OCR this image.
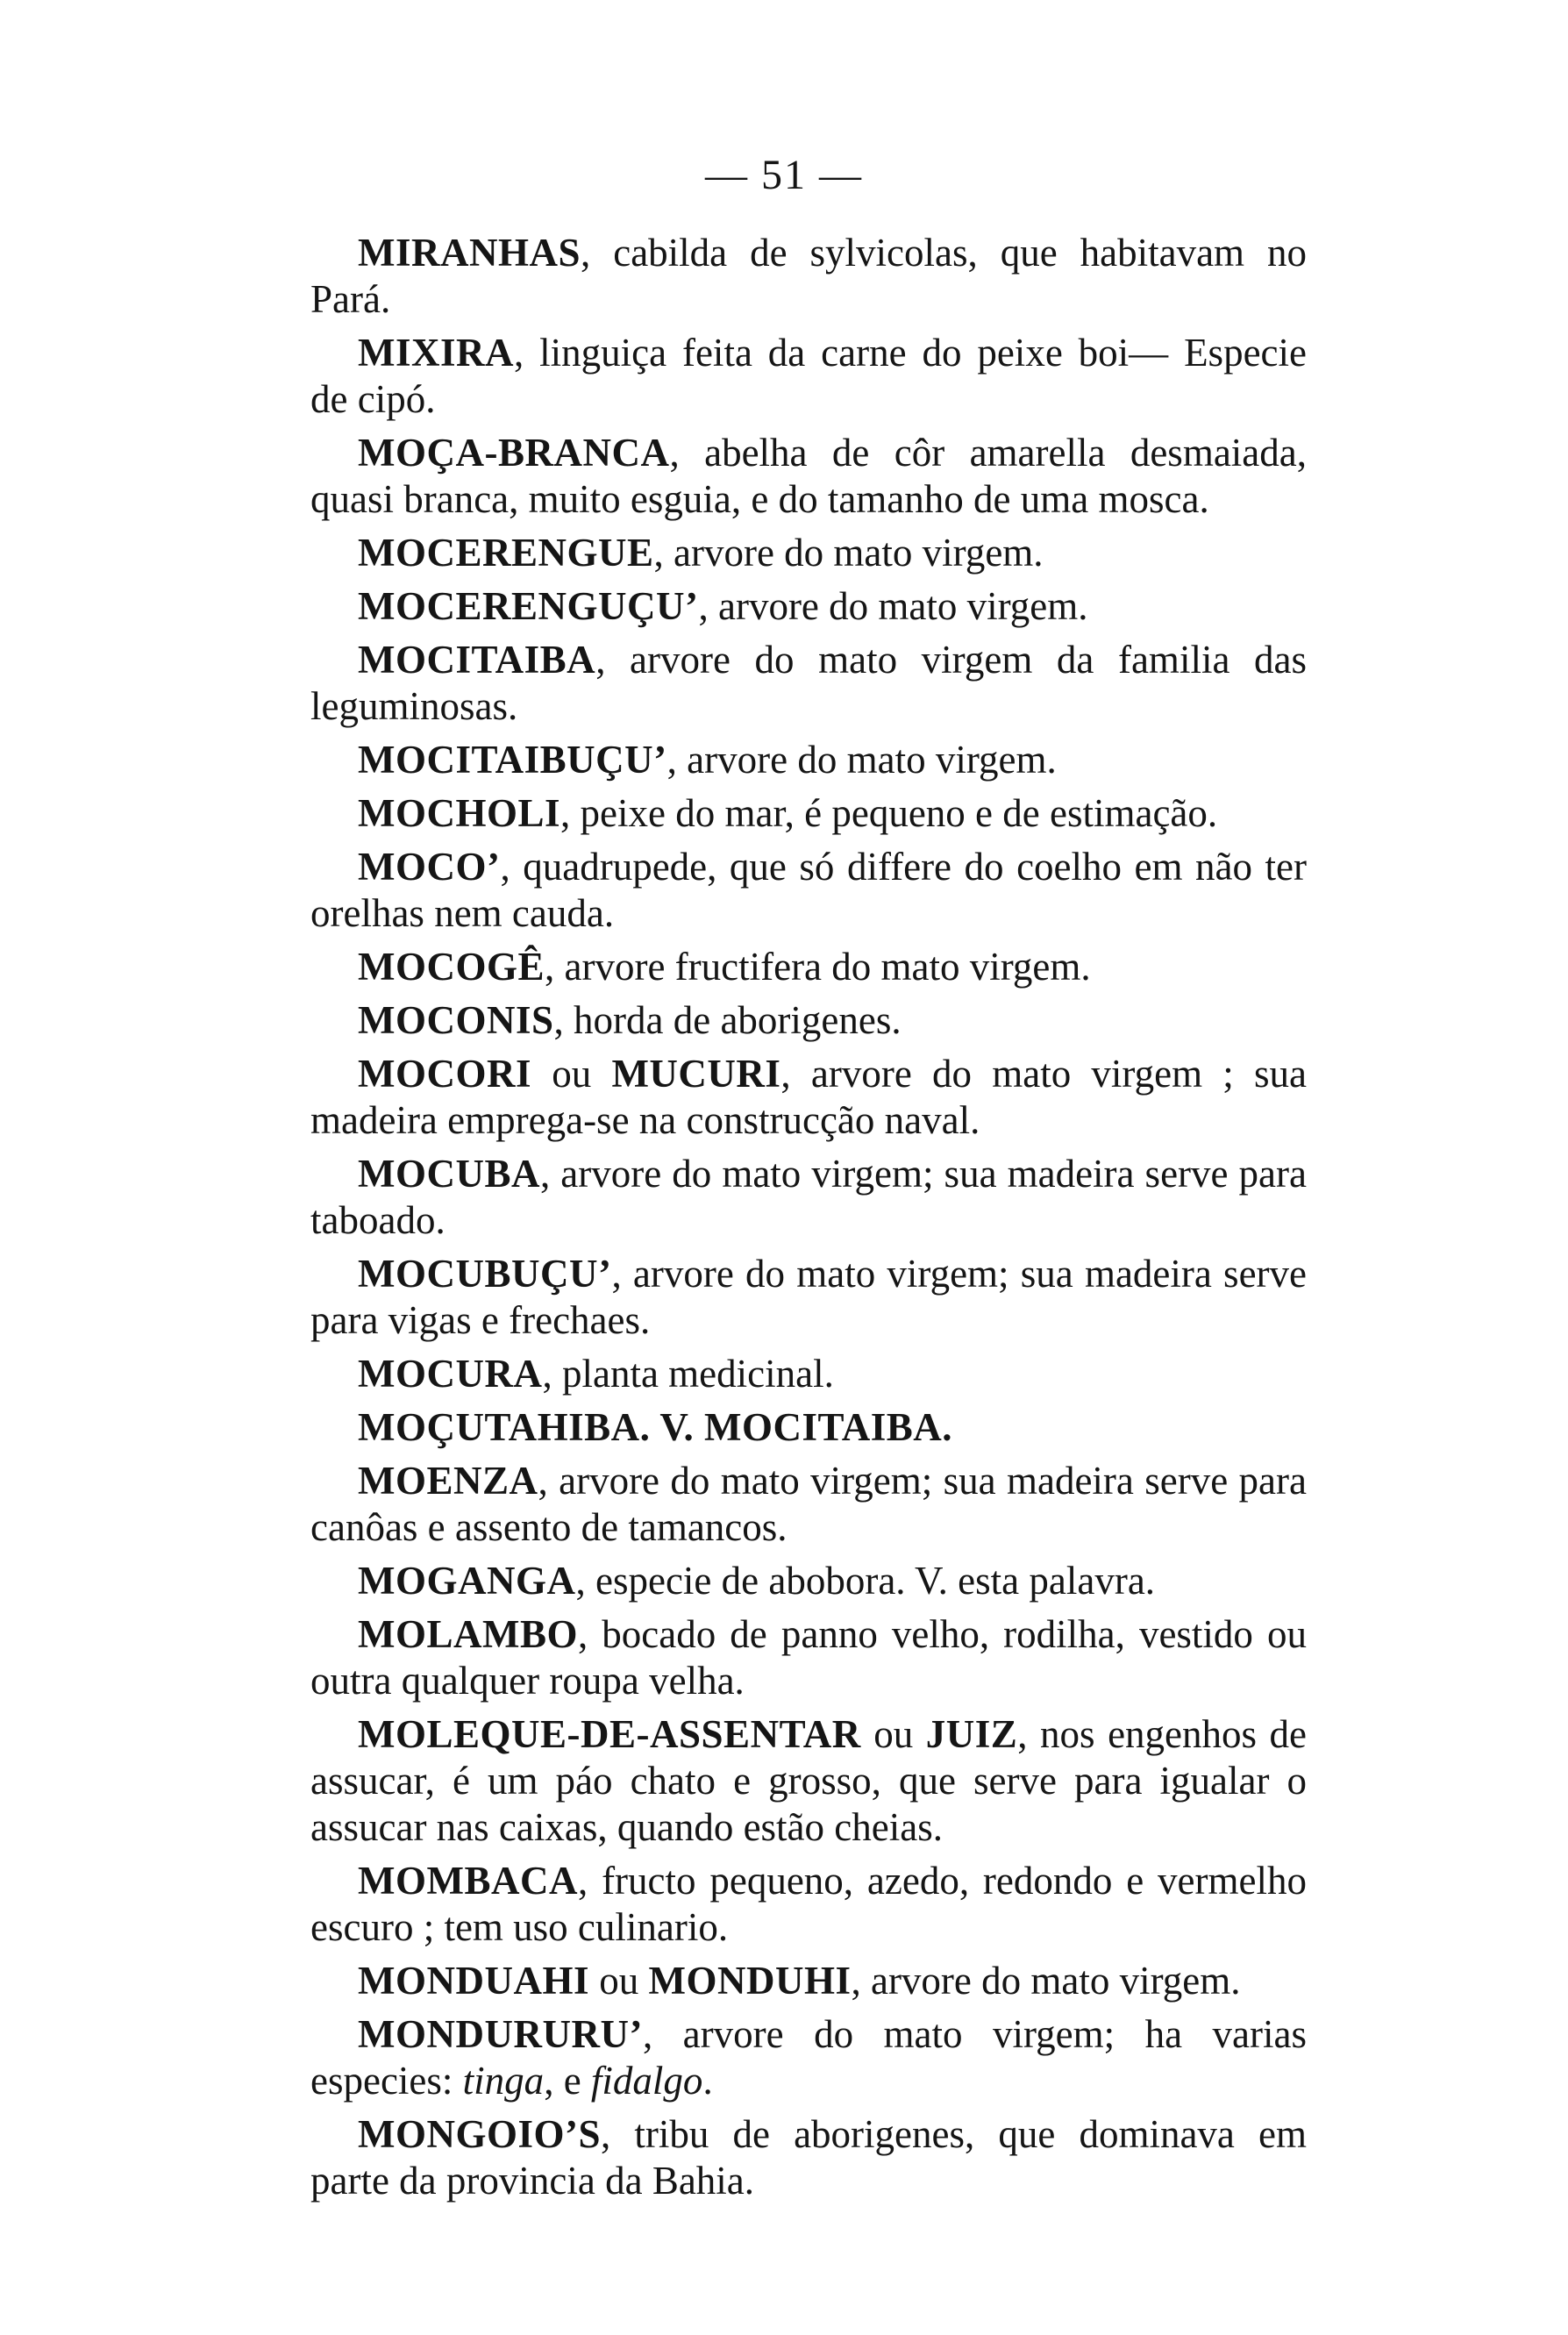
— 51 —

MIRANHAS, cabilda de sylvicolas, que habitavam no Pará.

MIXIRA, linguiça feita da carne do peixe boi— Especie de cipó.

MOÇA-BRANCA, abelha de côr amarella desmaiada, quasi branca, muito esguia, e do tamanho de uma mosca.

MOCERENGUE, arvore do mato virgem.

MOCERENGUÇU’, arvore do mato virgem.

MOCITAIBA, arvore do mato virgem da familia das leguminosas.

MOCITAIBUÇU’, arvore do mato virgem.

MOCHOLI, peixe do mar, é pequeno e de estimação.

MOCO’, quadrupede, que só differe do coelho em não ter orelhas nem cauda.

MOCOGÊ, arvore fructifera do mato virgem.

MOCONIS, horda de aborigenes.

MOCORI ou MUCURI, arvore do mato virgem ; sua madeira emprega-se na construcção naval.

MOCUBA, arvore do mato virgem; sua madeira serve para taboado.

MOCUBUÇU’, arvore do mato virgem; sua madeira serve para vigas e frechaes.

MOCURA, planta medicinal.

MOÇUTAHIBA. V. MOCITAIBA.

MOENZA, arvore do mato virgem; sua madeira serve para canôas e assento de tamancos.

MOGANGA, especie de abobora. V. esta palavra.

MOLAMBO, bocado de panno velho, rodilha, vestido ou outra qualquer roupa velha.

MOLEQUE-DE-ASSENTAR ou JUIZ, nos engenhos de assucar, é um páo chato e grosso, que serve para igualar o assucar nas caixas, quando estão cheias.

MOMBACA, fructo pequeno, azedo, redondo e vermelho escuro ; tem uso culinario.

MONDUAHI ou MONDUHI, arvore do mato virgem.

MONDURURU’, arvore do mato virgem; ha varias especies: tinga, e fidalgo.

MONGOIO’S, tribu de aborigenes, que dominava em parte da provincia da Bahia.
